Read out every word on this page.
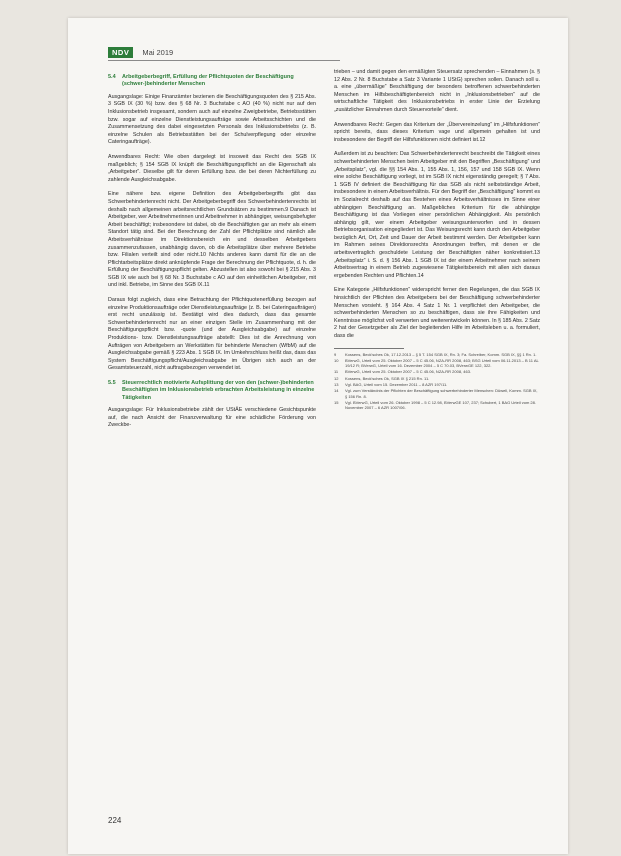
NDV	Mai 2019
5.4	Arbeitgeberbegriff, Erfüllung der Pflichtquoten der Beschäftigung (schwer-)behinderter Menschen

Ausgangslage: Einige Finanzämter bezienen die Beschäftigungsquoten des § 215 Abs. 3 SGB IX (30 %) bzw. des § 68 Nr. 3 Buchstabe c AO (40 %) nicht nur auf den Inklusionsbetrieb insgesamt, sondern auch auf einzelne Zweigbetriebe, Betriebsstätten bzw. sogar auf einzelne Dienstleistungsaufträge sowie Arbeitsschichten und die Zusammensetzung des dabei eingesetzten Personals des Inklusionsbetriebs (z. B. einzelne Schulen als Betriebsstätten bei der Schulverpflegung oder einzelne Cateringaufträge).

Anwendbares Recht: Wie oben dargelegt ist insoweit das Recht des SGB IX maßgeblich; § 154 SGB IX knüpft die Beschäftigungspflicht an die Eigenschaft als „Arbeitgeber“. Dieselbe gilt für deren Erfüllung bzw. die bei deren Nichterfüllung zu zahlende Ausgleichsabgabe.

Eine nähere bzw. eigene Definition des Arbeitgeberbegriffs gibt das Schwerbehindertenrecht nicht. Der Arbeitgeberbegriff des Schwerbehindertenrechts ist deshalb nach allgemeinen arbeitsrechtlichen Grundsätzen zu bestimmen.9 Danach ist Arbeitgeber, wer Arbeitnehmerinnen und Arbeitnehmer in abhängiger, weisungsbefugter Arbeit beschäftigt; insbesondere ist dabei, ob die Beschäftigten gar an mehr als einem Standort tätig sind. Bei der Berechnung der Zahl der Pflichtplätze sind nämlich alle Arbeitsverhältnisse im Direktionsbereich ein und desselben Arbeitgebers zusammenzufassen, unabhängig davon, ob die Arbeitsplätze über mehrere Betriebe bzw. Filialen verteilt sind oder nicht.10 Nichts anderes kann damit für die an die Pflichtarbeitsplätze direkt anknüpfende Frage der Berechnung der Pflichtquote, d. h. die Erfüllung der Beschäftigungspflicht gelten. Abzustellen ist also sowohl bei § 215 Abs. 3 SGB IX wie auch bei § 68 Nr. 3 Buchstabe c AO auf den einheitlichen Arbeitgeber, mit und inkl. Betriebe, im Sinne des SGB IX.11

Daraus folgt zugleich, dass eine Betrachtung der Pflichtquotenerfüllung bezogen auf einzelne Produktionsaufträge oder Dienstleistungsaufträge (z. B. bei Cateringaufträgen) erst recht unzulässig ist. Bestätigt wird dies dadurch, dass das gesamte Schwerbehindertenrecht nur an einer einzigen Stelle im Zusammenhang mit der Beschäftigungspflicht bzw. -quote (und der Ausgleichsabgabe) auf einzelne Produktions- bzw. Dienstleistungsaufträge abstellt: Dies ist die Anrechnung von Aufträgen von Arbeitgebern an Werkstätten für behinderte Menschen (WfbM) auf die Ausgleichsabgabe gemäß § 223 Abs. 1 SGB IX. Im Umkehrschluss heißt das, dass das System Beschäftigungspflicht/Ausgleichsabgabe im Übrigen sich auch an der Gesamtsteuerzahl, nicht auftragsbezogen verwendet ist.

5.5	Steuerrechtlich motivierte Aufsplittung der von den (schwer-)behinderten Beschäftigten im Inklusionsbetrieb erbrachten Arbeitsleistung in einzelne Tätigkeiten

Ausgangslage: Für Inklusionsbetriebe zählt der UStÄE verschiedene Gesichtspunkte auf, die nach Ansicht der Finanzverwaltung für eine schädliche Förderung von Zweckbe-

trieben – und damit gegen den ermäßigten Steuersatz sprechenden – Einnahmen (s. § 12 Abs. 2 Nr. 8 Buchstabe a Satz 3 Variante 1 UStG) sprechen sollen. Danach soll u. a. eine „übermäßige“ Beschäftigung der besonders betroffenen schwerbehinderten Menschen im Hilfsbeschäftigtenbereich nicht in „Inklusionsbetrieben“ auf die wirtschaftliche Tätigkeit des Inklusionsbetriebs in erster Linie der Erzielung „zusätzlicher Einnahmen durch Steuervorteile“ dient.

Anwendbares Recht: Gegen das Kriterium der „Übervereinzelung“ im „Hilfsfunktionen“ spricht bereits, dass dieses Kriterium vage und allgemein gehalten ist und insbesondere der Begriff der Hilfsfunktionen nicht definiert ist.12

Außerdem ist zu beachten: Das Schwerbehindertenrecht beschreibt die Tätigkeit eines schwerbehinderten Menschen beim Arbeitgeber mit den Begriffen „Beschäftigung“ und „Arbeitsplatz“, vgl. die §§ 154 Abs. 1, 155 Abs. 1, 156, 157 und 158 SGB IX. Wenn eine solche Beschäftigung vorliegt, ist im SGB IX nicht eigenständig geregelt; § 7 Abs. 1 SGB IV definiert die Beschäftigung für das SGB als nicht selbstständige Arbeit, insbesondere in einem Arbeitsverhältnis. Für den Begriff der „Beschäftigung“ kommt es im Sozialrecht deshalb auf das Bestehen eines Arbeitsverhältnisses im Sinne einer abhängigen Beschäftigung an. Maßgebliches Kriterium für die abhängige Beschäftigung ist das Vorliegen einer persönlichen Abhängigkeit. Als persönlich abhängig gilt, wer einem Arbeitgeber weisungsunterworfen und in dessen Betriebsorganisation eingegliedert ist. Das Weisungsrecht kann durch den Arbeitgeber bezüglich Art, Ort, Zeit und Dauer der Arbeit bestimmt werden. Der Arbeitgeber kann im Rahmen seines Direktionsrechts Anordnungen treffen, mit denen er die arbeitsvertraglich geschuldete Leistung der Beschäftigten näher konkretisiert.13 „Arbeitsplatz“ i. S. d. § 156 Abs. 1 SGB IX ist der einem Arbeitnehmer nach seinem Arbeitsvertrag in einem Betrieb zugewiesene Tätigkeitsbereich mit allen sich daraus ergebenden Rechten und Pflichten.14

Eine Kategorie „Hilfsfunktionen“ widerspricht ferner den Regelungen, die das SGB IX hinsichtlich der Pflichten des Arbeitgebers bei der Beschäftigung schwerbehinderter Menschen vorsieht. § 164 Abs. 4 Satz 1 Nr. 1 verpflichtet den Arbeitgeber, die schwerbehinderten Menschen so zu beschäftigen, dass sie ihre Fähigkeiten und Kenntnisse möglichst voll verwerten und weiterentwickeln können. In § 185 Abs. 2 Satz 2 hat der Gesetzgeber als Ziel der begleitenden Hilfe im Arbeitsleben u. a. formuliert, dass die

9	Kossens, Beck'sches Ok, 17.12.2013 – § 5 T. 154 SGB IX, Rn. 3; Fa. Schreiber, Komm. SGB IX, §§ 1 Rn. 1.
10	BVerwG, Urteil vom 25. Oktober 2007 – 5 C 45.06, NZA-RR 2008, 463; BSG Urteil vom 06.11.2013 – B 11 AL 19/12 R; BVerwG, Urteil vom 16. Dezember 2004 – 5 C 70.03, BVerwGE 122, 322.
11	BVerwG, Urteil vom 25. Oktober 2007 – 5 C 45.06, NZA-RR 2008, 463.
12	Kossens, Beck'sches Ok, SGB IX § 215 Rn. 11.
13	Vgl. BAG, Urteil vom 15. Dezember 2011 – 8 AZR 197/11.
14	Vgl. zum Verständnis der Pflichten der Beschäftigung schwerbehinderter Menschen: Düwell, Komm. SGB IX, § 156 Rn. 8.
15	Vgl. BVerwG, Urteil vom 26. Oktober 1998 – 5 C 12.98, BVerwGE 107, 237; Schubert, 1 BAG Urteil vom 28. November 2007 – 6 AZR 1007/06.
224
